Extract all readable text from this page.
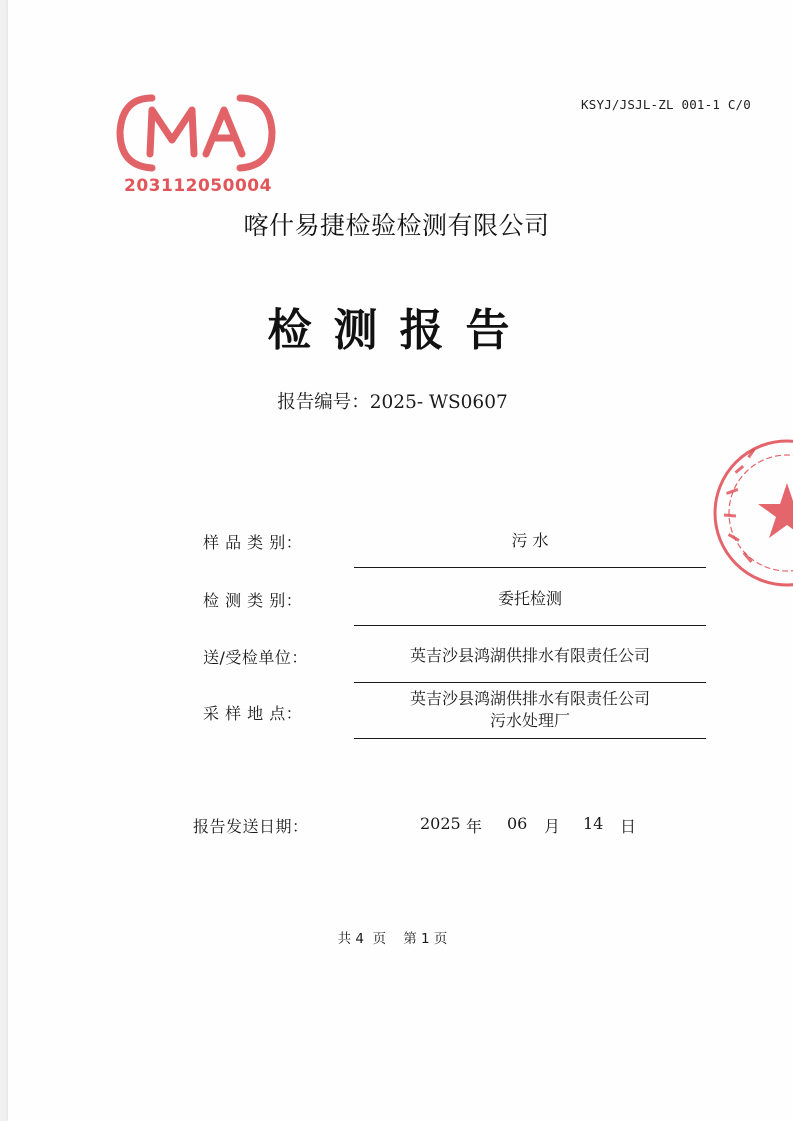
KSYJ/JSJL-ZL 001-1 C/0
203112050004
喀什易捷检验检测有限公司
检测报告
报告编号：2025- WS0607
样 品 类 别：	污 水
检 测 类 别：	委托检测
送/受检单位：	英吉沙县鸿湖供排水有限责任公司
采 样 地 点：
英吉沙县鸿湖供排水有限责任公司
污水处理厂
报告发送日期：	2025 年 06 月 14 日
共 4 页 第 1 页
